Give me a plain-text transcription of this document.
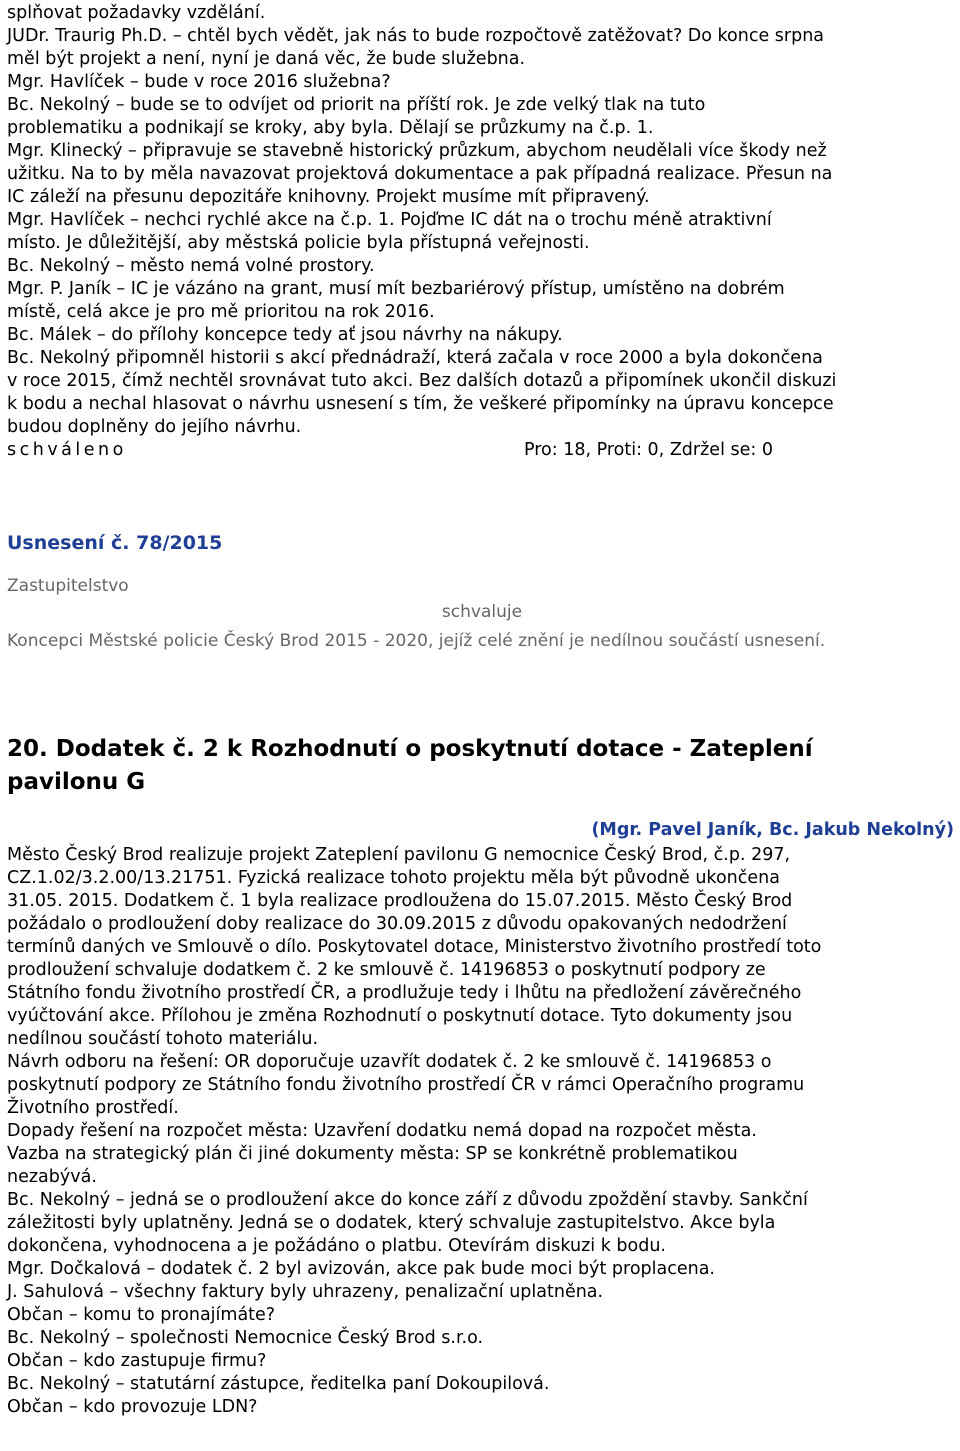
splňovat požadavky vzdělání.
JUDr. Traurig Ph.D. – chtěl bych vědět, jak nás to bude rozpočtově zatěžovat? Do konce srpna
měl být projekt a není, nyní je daná věc, že bude služebna.
Mgr. Havlíček – bude v roce 2016 služebna?
Bc. Nekolný – bude se to odvíjet od priorit na příští rok. Je zde velký tlak na tuto
problematiku a podnikají se kroky, aby byla. Dělají se průzkumy na č.p. 1.
Mgr. Klinecký – připravuje se stavebně historický průzkum, abychom neudělali více škody než
užitku. Na to by měla navazovat projektová dokumentace a pak případná realizace. Přesun na
IC záleží na přesunu depozitáře knihovny. Projekt musíme mít připravený.
Mgr. Havlíček – nechci rychlé akce na č.p. 1. Pojďme IC dát na o trochu méně atraktivní
místo. Je důležitější, aby městská policie byla přístupná veřejnosti.
Bc. Nekolný – město nemá volné prostory.
Mgr. P. Janík – IC je vázáno na grant, musí mít bezbariérový přístup, umístěno na dobrém
místě, celá akce je pro mě prioritou na rok 2016.
Bc. Málek – do přílohy koncepce tedy ať jsou návrhy na nákupy.
Bc. Nekolný připomněl historii s akcí přednádraží, která začala v roce 2000 a byla dokončena
v roce 2015, čímž nechtěl srovnávat tuto akci. Bez dalších dotazů a připomínek ukončil diskuzi
k bodu a nechal hlasovat o návrhu usnesení s tím, že veškeré připomínky na úpravu koncepce
budou doplněny do jejího návrhu.
schváleno	Pro: 18, Proti: 0, Zdržel se: 0
Usnesení č. 78/2015
Zastupitelstvo
schvaluje
Koncepci Městské policie Český Brod 2015 - 2020, jejíž celé znění je nedílnou součástí usnesení.
20. Dodatek č. 2 k Rozhodnutí o poskytnutí dotace - Zateplení
pavilonu G
(Mgr. Pavel Janík, Bc. Jakub Nekolný)
Město Český Brod realizuje projekt Zateplení pavilonu G nemocnice Český Brod, č.p. 297,
CZ.1.02/3.2.00/13.21751. Fyzická realizace tohoto projektu měla být původně ukončena
31.05. 2015. Dodatkem č. 1 byla realizace prodloužena do 15.07.2015. Město Český Brod
požádalo o prodloužení doby realizace do 30.09.2015 z důvodu opakovaných nedodržení
termínů daných ve Smlouvě o dílo. Poskytovatel dotace, Ministerstvo životního prostředí toto
prodloužení schvaluje dodatkem č. 2 ke smlouvě č. 14196853 o poskytnutí podpory ze
Státního fondu životního prostředí ČR, a prodlužuje tedy i lhůtu na předložení závěrečného
vyúčtování akce. Přílohou je změna Rozhodnutí o poskytnutí dotace. Tyto dokumenty jsou
nedílnou součástí tohoto materiálu.
Návrh odboru na řešení: OR doporučuje uzavřít dodatek č. 2 ke smlouvě č. 14196853 o
poskytnutí podpory ze Státního fondu životního prostředí ČR v rámci Operačního programu
Životního prostředí.
Dopady řešení na rozpočet města: Uzavření dodatku nemá dopad na rozpočet města.
Vazba na strategický plán či jiné dokumenty města: SP se konkrétně problematikou
nezabývá.
Bc. Nekolný – jedná se o prodloužení akce do konce září z důvodu zpoždění stavby. Sankční
záležitosti byly uplatněny. Jedná se o dodatek, který schvaluje zastupitelstvo. Akce byla
dokončena, vyhodnocena a je požádáno o platbu. Otevírám diskuzi k bodu.
Mgr. Dočkalová – dodatek č. 2 byl avizován, akce pak bude moci být proplacena.
J. Sahulová – všechny faktury byly uhrazeny, penalizační uplatněna.
Občan – komu to pronajímáte?
Bc. Nekolný – společnosti Nemocnice Český Brod s.r.o.
Občan – kdo zastupuje firmu?
Bc. Nekolný – statutární zástupce, ředitelka paní Dokoupilová.
Občan – kdo provozuje LDN?
